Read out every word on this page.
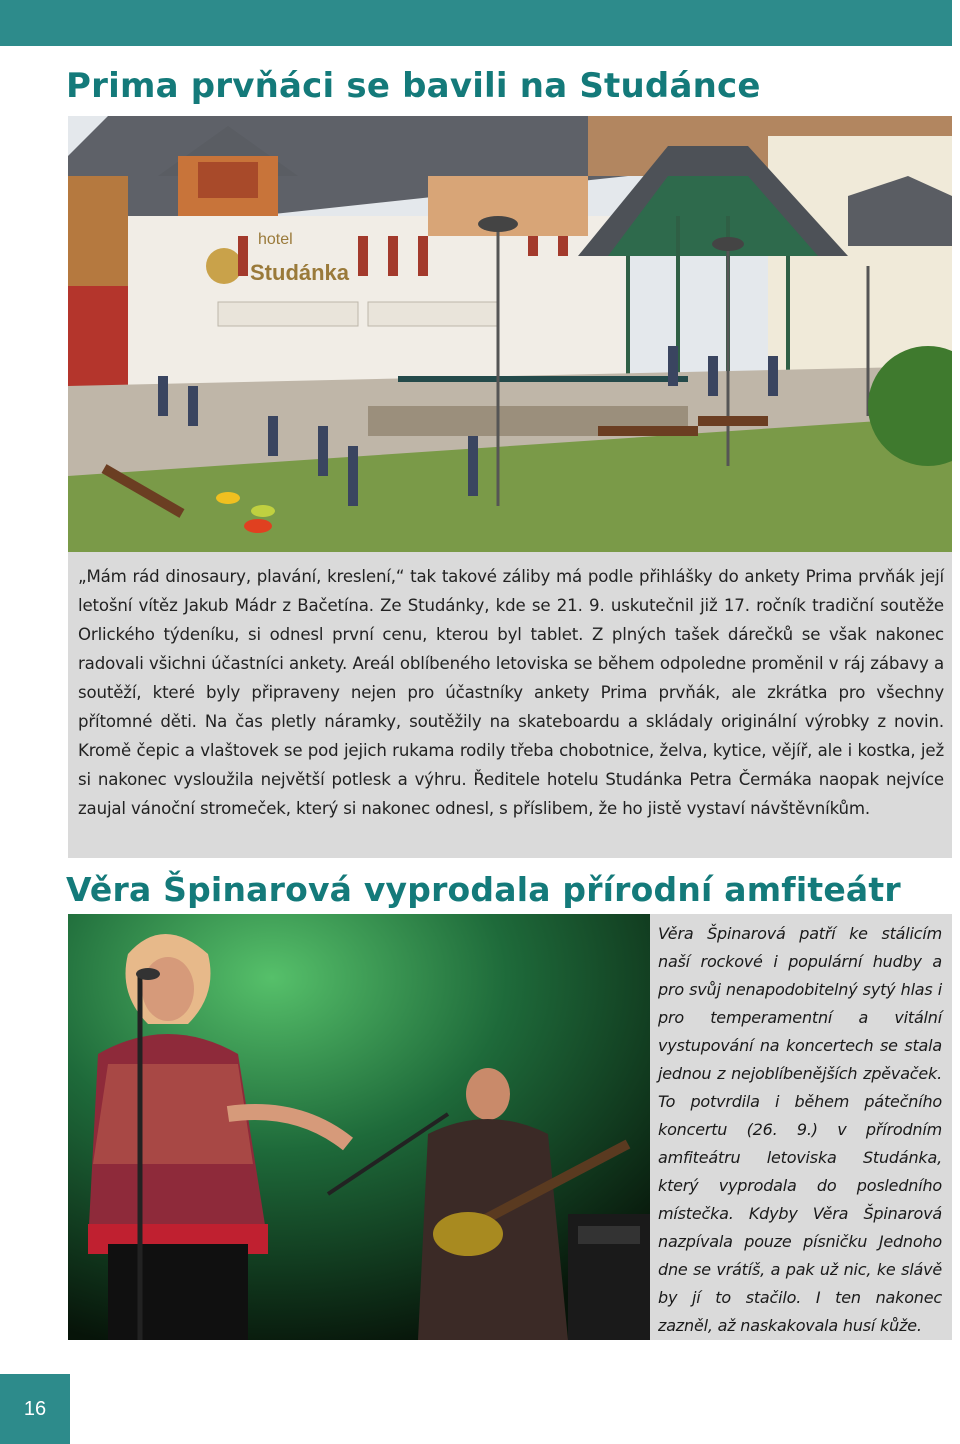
Prima prvňáci se bavili na Studánce
hotel
Studánka

„Mám rád dinosaury, plavání, kreslení,“ tak takové záliby má podle přihlášky do ankety Prima prvňák její letošní vítěz Jakub Mádr z Bačetína. Ze Studánky, kde se 21. 9. uskutečnil již 17. ročník tradiční soutěže Orlického týdeníku, si odnesl první cenu, kterou byl tablet. Z plných tašek dárečků se však nakonec radovali všichni účastníci ankety. Areál oblíbeného letoviska se během odpoledne proměnil v ráj zábavy a soutěží, které byly připraveny nejen pro účastníky ankety Prima prvňák, ale zkrátka pro všechny přítomné děti. Na čas pletly náramky, soutěžily na skateboardu a skládaly originální výrobky z novin. Kromě čepic a vlaštovek se pod jejich rukama rodily třeba chobotnice, želva, kytice, vějíř, ale i kostka, jež si nakonec vysloužila největší potlesk a výhru. Ředitele hotelu Studánka Petra Čermáka naopak nejvíce zaujal vánoční stromeček, který si nakonec odnesl, s příslibem, že ho jistě vystaví návštěvníkům.

Věra Špinarová vyprodala přírodní amfiteátr

Věra Špinarová patří ke stálicím naší rockové i populární hudby a pro svůj nenapodobitelný sytý hlas i pro temperamentní a vitální vystupování na koncertech se stala jednou z nejoblíbenějších zpěvaček. To potvrdila i během pátečního koncertu (26. 9.) v přírodním amfiteátru letoviska Studánka, který vyprodala do posledního místečka. Kdyby Věra Špinarová nazpívala pouze písničku Jednoho dne se vrátíš, a pak už nic, ke slávě by jí to stačilo. I ten nakonec zazněl, až naskakovala husí kůže.

16
